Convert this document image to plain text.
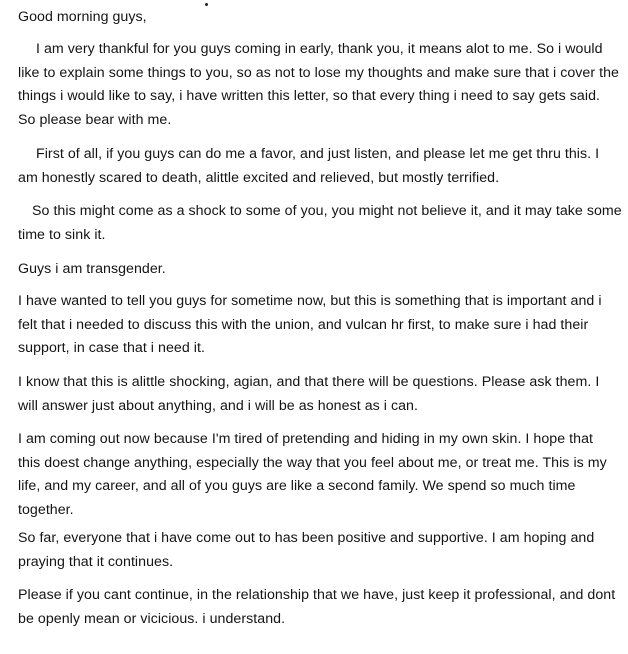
Good morning guys,

I am very thankful for you guys coming in early, thank you, it means alot to me. So i would
like to explain some things to you, so as not to lose my thoughts and make sure that i cover the
things i would like to say, i have written this letter, so that every thing i need to say gets said.
So please bear with me.

First of all, if you guys can do me a favor, and just listen, and please let me get thru this. I
am honestly scared to death, alittle excited and relieved, but mostly terrified.

So this might come as a shock to some of you, you might not believe it, and it may take some
time to sink it.

Guys i am transgender.

I have wanted to tell you guys for sometime now, but this is something that is important and i
felt that i needed to discuss this with the union, and vulcan hr first, to make sure i had their
support, in case that i need it.

I know that this is alittle shocking, agian, and that there will be questions. Please ask them. I
will answer just about anything, and i will be as honest as i can.

I am coming out now because I'm tired of pretending and hiding in my own skin. I hope that
this doest change anything, especially the way that you feel about me, or treat me. This is my
life, and my career, and all of you guys are like a second family. We spend so much time
together.

So far, everyone that i have come out to has been positive and supportive. I am hoping and
praying that it continues.

Please if you cant continue, in the relationship that we have, just keep it professional, and dont
be openly mean or vicicious. i understand.
